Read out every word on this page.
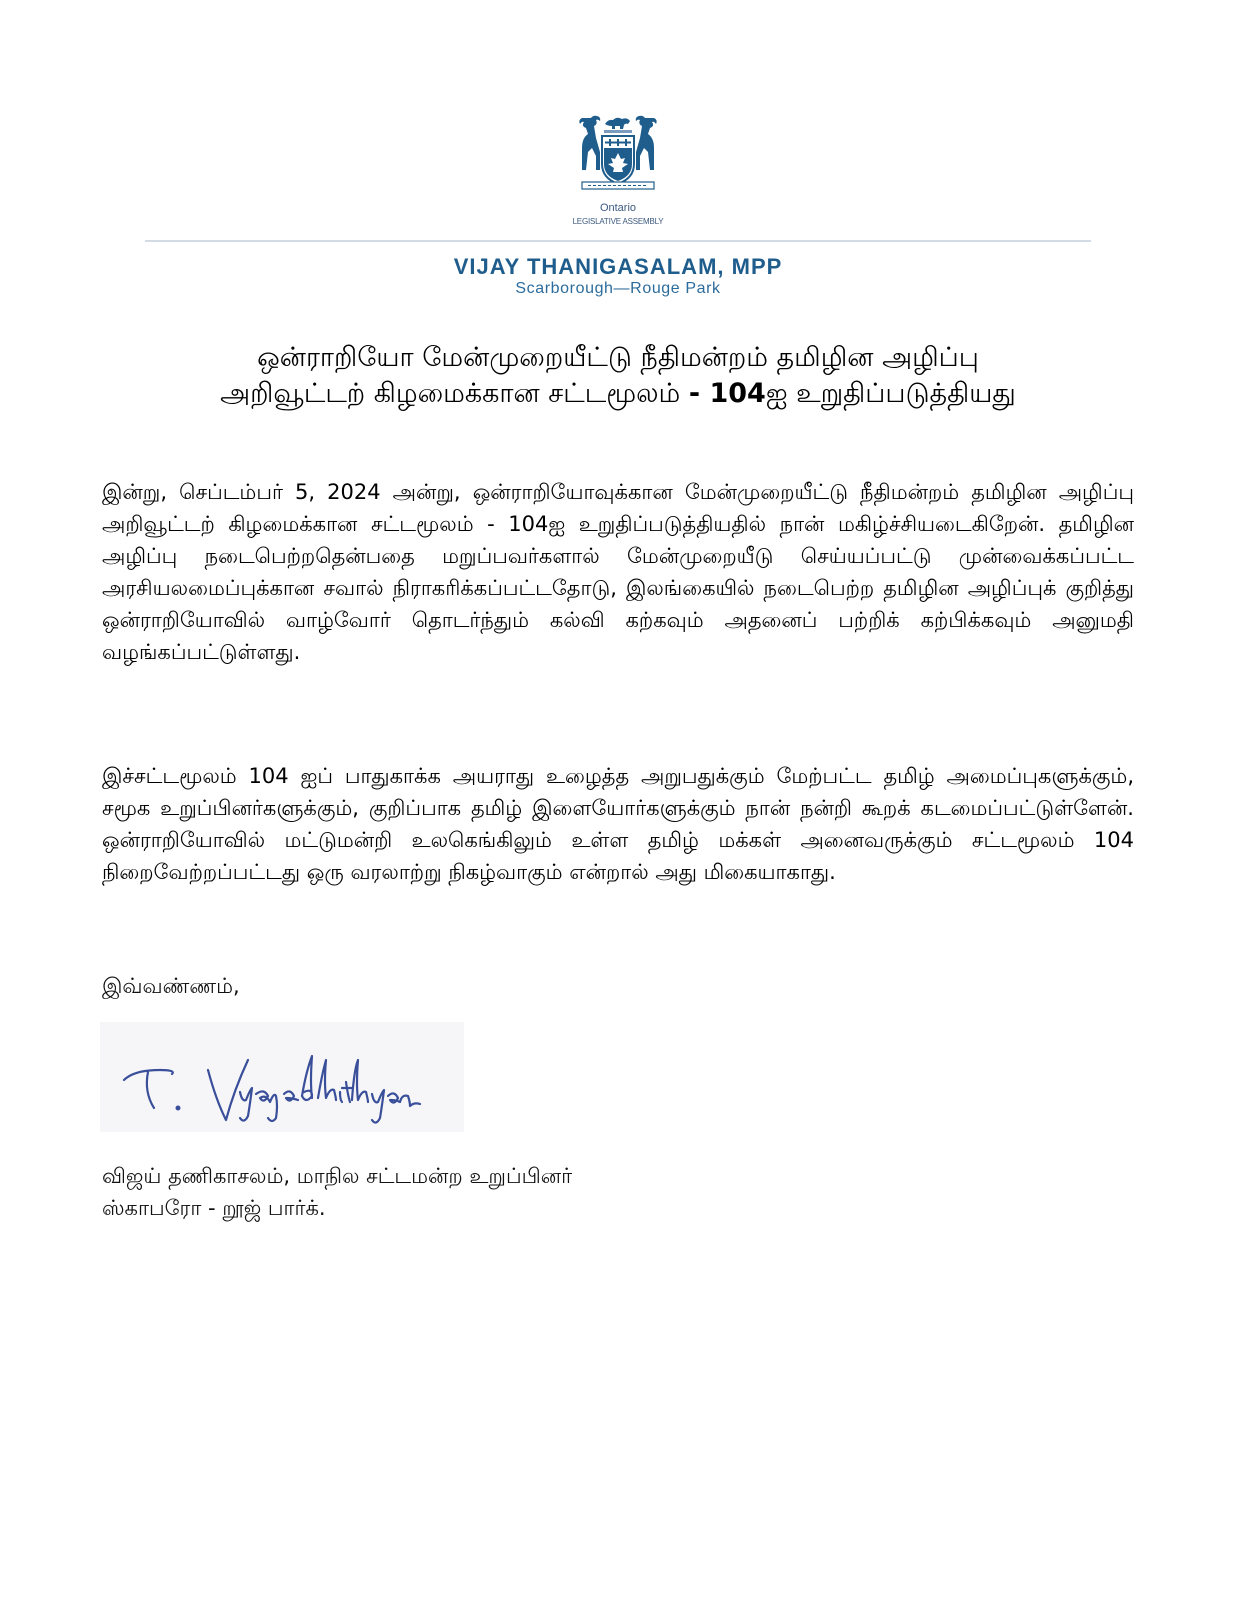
Ontario
LEGISLATIVE ASSEMBLY
VIJAY THANIGASALAM, MPP
Scarborough—Rouge Park
ஒன்ராறியோ மேன்முறையீட்டு நீதிமன்றம் தமிழின அழிப்பு
அறிவூட்டற் கிழமைக்கான சட்டமூலம் - 104ஐ உறுதிப்படுத்தியது

இன்று, செப்டம்பர் 5, 2024 அன்று, ஒன்ராறியோவுக்கான மேன்முறையீட்டு நீதிமன்றம் தமிழின அழிப்பு அறிவூட்டற் கிழமைக்கான சட்டமூலம் - 104ஐ உறுதிப்படுத்தியதில் நான் மகிழ்ச்சியடைகிறேன். தமிழின அழிப்பு நடைபெற்றதென்பதை மறுப்பவர்களால் மேன்முறையீடு செய்யப்பட்டு முன்வைக்கப்பட்ட அரசியலமைப்புக்கான சவால் நிராகரிக்கப்பட்டதோடு, இலங்கையில் நடைபெற்ற தமிழின அழிப்புக் குறித்து ஒன்ராறியோவில் வாழ்வோர் தொடர்ந்தும் கல்வி கற்கவும் அதனைப் பற்றிக் கற்பிக்கவும் அனுமதி வழங்கப்பட்டுள்ளது.

இச்சட்டமூலம் 104 ஐப் பாதுகாக்க அயராது உழைத்த அறுபதுக்கும் மேற்பட்ட தமிழ் அமைப்புகளுக்கும், சமூக உறுப்பினர்களுக்கும், குறிப்பாக தமிழ் இளையோர்களுக்கும் நான் நன்றி கூறக் கடமைப்பட்டுள்ளேன். ஒன்ராறியோவில் மட்டுமன்றி உலகெங்கிலும் உள்ள தமிழ் மக்கள் அனைவருக்கும் சட்டமூலம் 104 நிறைவேற்றப்பட்டது ஒரு வரலாற்று நிகழ்வாகும் என்றால் அது மிகையாகாது.

இவ்வண்ணம்,
விஜய் தணிகாசலம், மாநில சட்டமன்ற உறுப்பினர்
ஸ்காபரோ - றூஜ் பார்க்.
